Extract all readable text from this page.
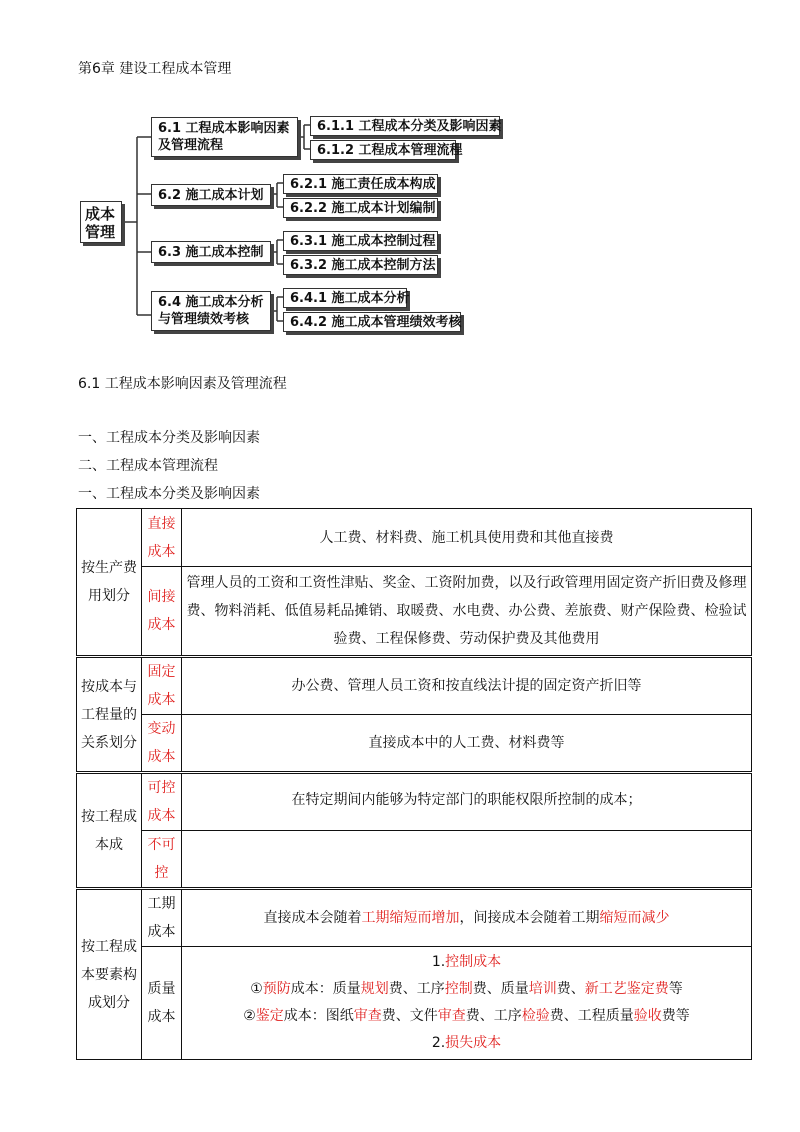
第6章 建设工程成本管理
成本
管理
6.1 工程成本影响因素
及管理流程
6.1.1 工程成本分类及影响因素
6.1.2 工程成本管理流程
6.2 施工成本计划
6.2.1 施工责任成本构成
6.2.2 施工成本计划编制
6.3 施工成本控制
6.3.1 施工成本控制过程
6.3.2 施工成本控制方法
6.4 施工成本分析
与管理绩效考核
6.4.1 施工成本分析
6.4.2 施工成本管理绩效考核
6.1 工程成本影响因素及管理流程
一、工程成本分类及影响因素
二、工程成本管理流程
一、工程成本分类及影响因素
按生产费用划分	直接成本	人工费、材料费、施工机具使用费和其他直接费
	间接成本	管理人员的工资和工资性津贴、奖金、工资附加费，以及行政管理用固定资产折旧费及修理费、物料消耗、低值易耗品摊销、取暖费、水电费、办公费、差旅费、财产保险费、检验试验费、工程保修费、劳动保护费及其他费用
按成本与工程量的关系划分	固定成本	办公费、管理人员工资和按直线法计提的固定资产折旧等
	变动成本	直接成本中的人工费、材料费等
按工程成本成	可控成本	在特定期间内能够为特定部门的职能权限所控制的成本；
	不可控	
按工程成本要素构成划分	工期成本	直接成本会随着工期缩短而增加，间接成本会随着工期缩短而减少
	质量成本	1.控制成本
①预防成本：质量规划费、工序控制费、质量培训费、新工艺鉴定费等
②鉴定成本：图纸审查费、文件审查费、工序检验费、工程质量验收费等
2.损失成本
